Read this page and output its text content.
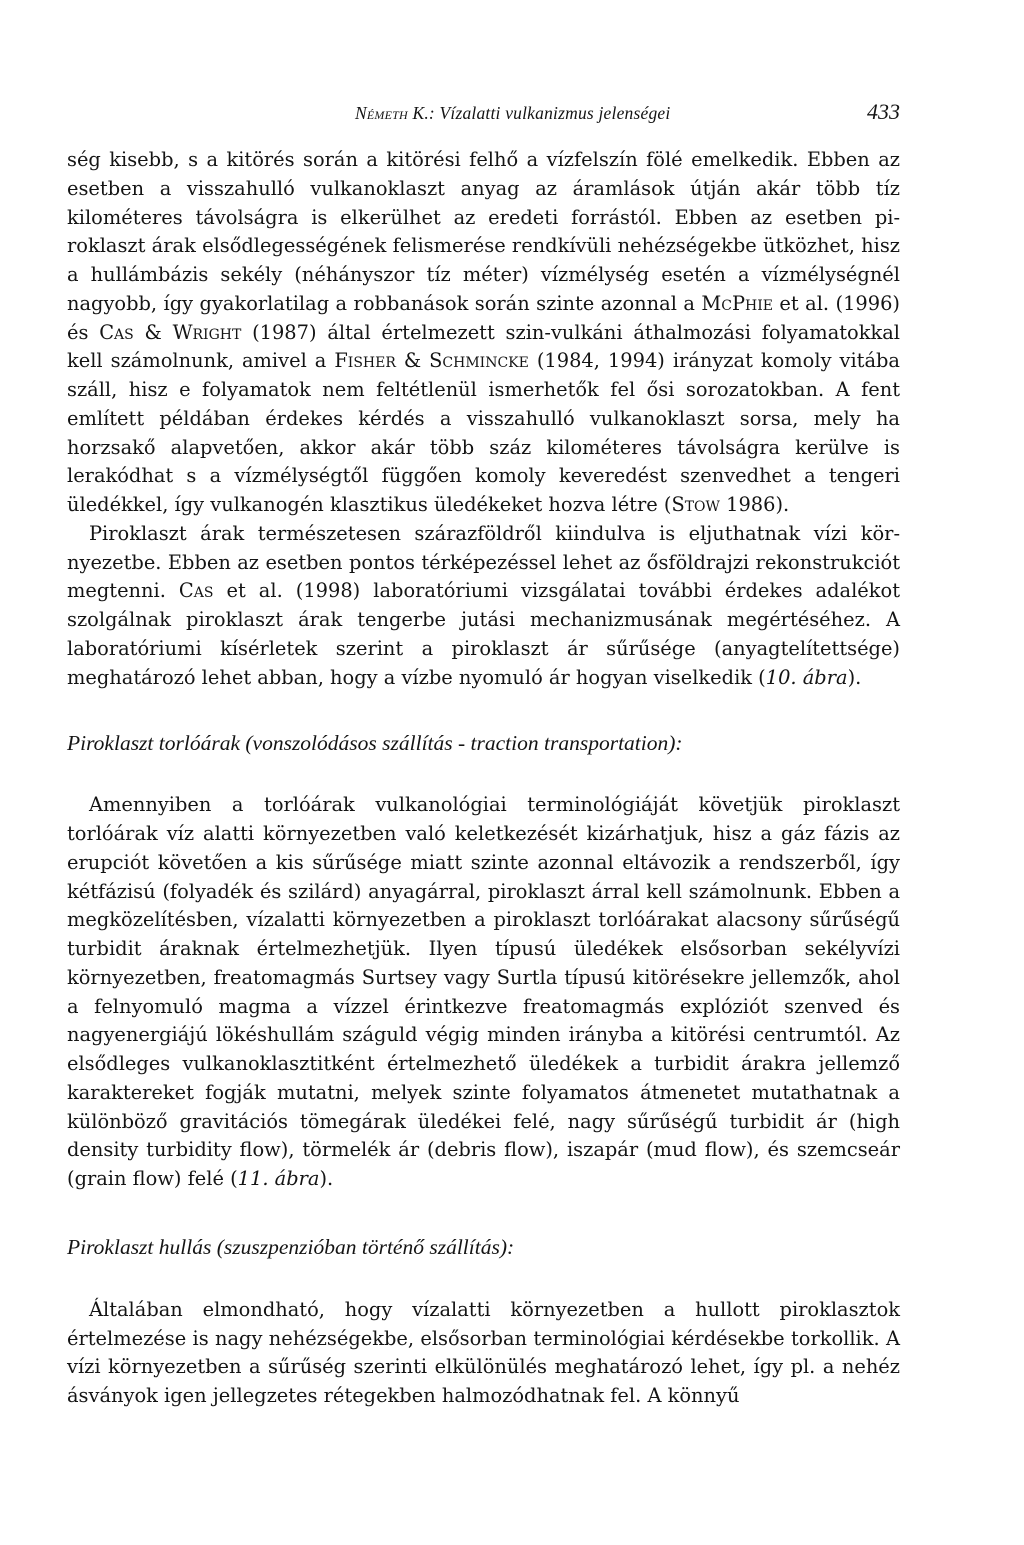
Németh K.: Vízalatti vulkanizmus jelenségei	433

ség kisebb, s a kitörés során a kitörési felhő a vízfelszín fölé emelkedik. Ebben az esetben a visszahulló vulkanoklaszt anyag az áramlások útján akár több tíz kilométeres távolságra is elkerülhet az eredeti forrástól. Ebben az esetben piroklaszt árak elsődlegességének felismerése rendkívüli nehézségekbe ütközhet, hisz a hullámbázis sekély (néhányszor tíz méter) vízmélység esetén a vízmélységnél nagyobb, így gyakorlatilag a robbanások során szinte azonnal a McPhie et al. (1996) és Cas & Wright (1987) által értelmezett szin-vulkáni áthalmozási folyamatokkal kell számolnunk, amivel a Fisher & Schmincke (1984, 1994) irányzat komoly vitába száll, hisz e folyamatok nem feltétlenül ismerhetők fel ősi sorozatokban. A fent említett példában érdekes kérdés a visszahulló vulkanoklaszt sorsa, mely ha horzsakő alapvetően, akkor akár több száz kilométeres távolságra kerülve is lerakódhat s a vízmélységtől függően komoly keveredést szenvedhet a tengeri üledékkel, így vulkanogén klasztikus üledékeket hozva létre (Stow 1986).

Piroklaszt árak természetesen szárazföldről kiindulva is eljuthatnak vízi környezetbe. Ebben az esetben pontos térképezéssel lehet az ősföldrajzi rekonstrukciót megtenni. Cas et al. (1998) laboratóriumi vizsgálatai további érdekes adalékot szolgálnak piroklaszt árak tengerbe jutási mechanizmusának megértéséhez. A laboratóriumi kísérletek szerint a piroklaszt ár sűrűsége (anyagtelítettsége) meghatározó lehet abban, hogy a vízbe nyomuló ár hogyan viselkedik (10. ábra).

Piroklaszt torlóárak (vonszolódásos szállítás - traction transportation):

Amennyiben a torlóárak vulkanológiai terminológiáját követjük piroklaszt torlóárak víz alatti környezetben való keletkezését kizárhatjuk, hisz a gáz fázis az erupciót követően a kis sűrűsége miatt szinte azonnal eltávozik a rendszerből, így kétfázisú (folyadék és szilárd) anyagárral, piroklaszt árral kell számolnunk. Ebben a megközelítésben, vízalatti környezetben a piroklaszt torlóárakat alacsony sűrűségű turbidit áraknak értelmezhetjük. Ilyen típusú üledékek elsősorban sekélyvízi környezetben, freatomagmás Surtsey vagy Surtla típusú kitörésekre jellemzők, ahol a felnyomuló magma a vízzel érintkezve freatomagmás explóziót szenved és nagyenergiájú lökéshullám száguld végig minden irányba a kitörési centrumtól. Az elsődleges vulkanoklasztitként értelmezhető üledékek a turbidit árakra jellemző karaktereket fogják mutatni, melyek szinte folyamatos átmenetet mutathatnak a különböző gravitációs tömegárak üledékei felé, nagy sűrűségű turbidit ár (high density turbidity flow), törmelék ár (debris flow), iszapár (mud flow), és szemcseár (grain flow) felé (11. ábra).

Piroklaszt hullás (szuszpenzióban történő szállítás):

Általában elmondható, hogy vízalatti környezetben a hullott piroklasztok értelmezése is nagy nehézségekbe, elsősorban terminológiai kérdésekbe torkollik. A vízi környezetben a sűrűség szerinti elkülönülés meghatározó lehet, így pl. a nehéz ásványok igen jellegzetes rétegekben halmozódhatnak fel. A könnyű
